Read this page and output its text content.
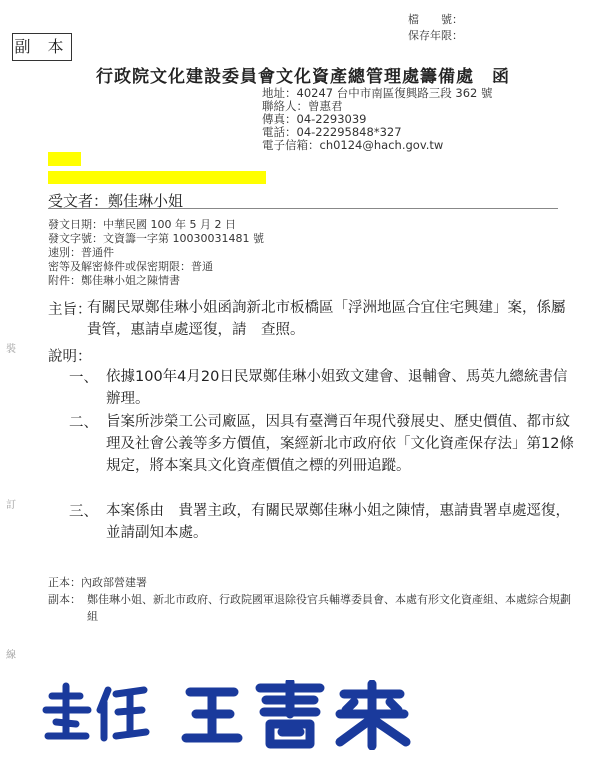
副 本
檔　　號：
保存年限：
行政院文化建設委員會文化資產總管理處籌備處　函
地址：40247 台中市南區復興路三段 362 號
聯絡人：曾惠君
傳真：04-2293039
電話：04-22295848*327
電子信箱：ch0124@hach.gov.tw
受文者：鄭佳琳小姐
發文日期：中華民國 100 年 5 月 2 日
發文字號：文資籌一字第 10030031481 號
速別：普通件
密等及解密條件或保密期限：普通
附件：鄭佳琳小姐之陳情書
主旨：
有關民眾鄭佳琳小姐函詢新北市板橋區「浮洲地區合宜住宅興建」案，係屬　貴管，惠請卓處逕復，請　查照。
說明：
一、 依據100年4月20日民眾鄭佳琳小姐致文建會、退輔會、馬英九總統書信辦理。
二、 旨案所涉榮工公司廠區，因具有臺灣百年現代發展史、歷史價值、都市紋理及社會公義等多方價值，案經新北市政府依「文化資產保存法」第12條規定，將本案具文化資產價值之標的列冊追蹤。
三、 本案係由　貴署主政，有關民眾鄭佳琳小姐之陳情，惠請貴署卓處逕復，並請副知本處。
正本：內政部營建署
副本： 鄭佳琳小姐、新北市政府、行政院國軍退除役官兵輔導委員會、本處有形文化資產組、本處綜合規劃組
裝
訂
線
